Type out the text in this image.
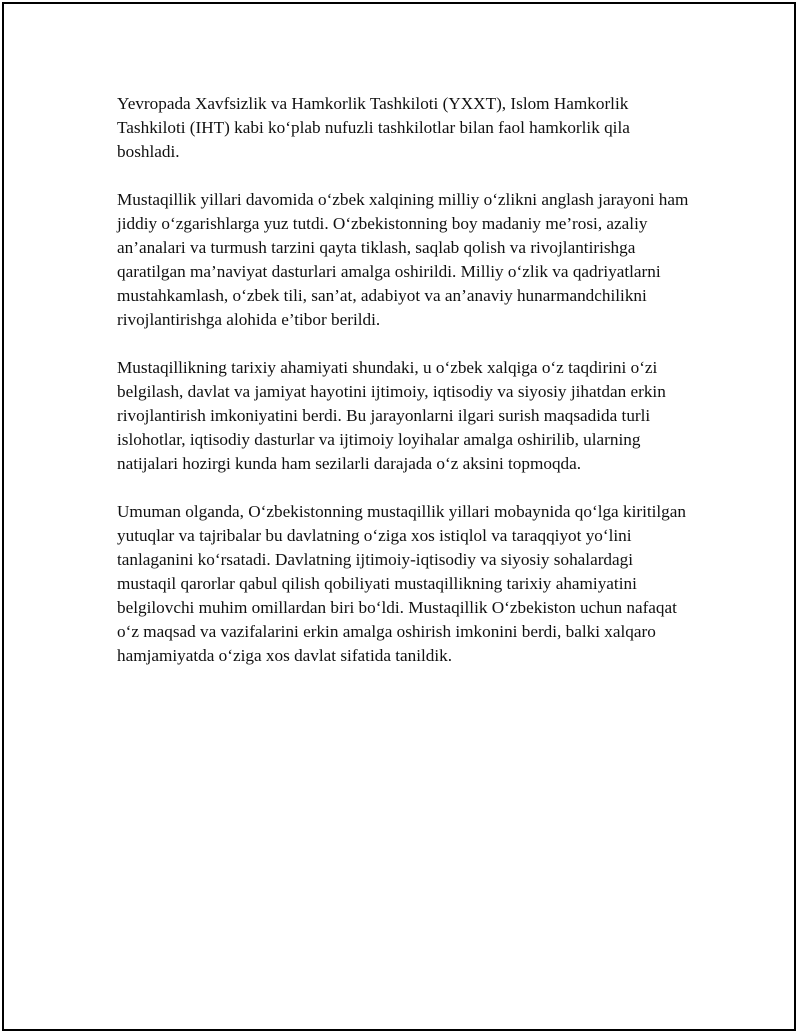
Yevropada Xavfsizlik va Hamkorlik Tashkiloti (YXXT), Islom Hamkorlik Tashkiloti (IHT) kabi koʻplab nufuzli tashkilotlar bilan faol hamkorlik qila boshladi.

Mustaqillik yillari davomida oʻzbek xalqining milliy oʻzlikni anglash jarayoni ham jiddiy oʻzgarishlarga yuz tutdi. Oʻzbekistonning boy madaniy me’rosi, azaliy an’analari va turmush tarzini qayta tiklash, saqlab qolish va rivojlantirishga qaratilgan ma’naviyat dasturlari amalga oshirildi. Milliy oʻzlik va qadriyatlarni mustahkamlash, oʻzbek tili, san’at, adabiyot va an’anaviy hunarmandchilikni rivojlantirishga alohida e’tibor berildi.

Mustaqillikning tarixiy ahamiyati shundaki, u oʻzbek xalqiga oʻz taqdirini oʻzi belgilash, davlat va jamiyat hayotini ijtimoiy, iqtisodiy va siyosiy jihatdan erkin rivojlantirish imkoniyatini berdi. Bu jarayonlarni ilgari surish maqsadida turli islohotlar, iqtisodiy dasturlar va ijtimoiy loyihalar amalga oshirilib, ularning natijalari hozirgi kunda ham sezilarli darajada oʻz aksini topmoqda.

Umuman olganda, Oʻzbekistonning mustaqillik yillari mobaynida qoʻlga kiritilgan yutuqlar va tajribalar bu davlatning oʻziga xos istiqlol va taraqqiyot yoʻlini tanlaganini koʻrsatadi. Davlatning ijtimoiy-iqtisodiy va siyosiy sohalardagi mustaqil qarorlar qabul qilish qobiliyati mustaqillikning tarixiy ahamiyatini belgilovchi muhim omillardan biri boʻldi. Mustaqillik Oʻzbekiston uchun nafaqat oʻz maqsad va vazifalarini erkin amalga oshirish imkonini berdi, balki xalqaro hamjamiyatda oʻziga xos davlat sifatida tanildik.
